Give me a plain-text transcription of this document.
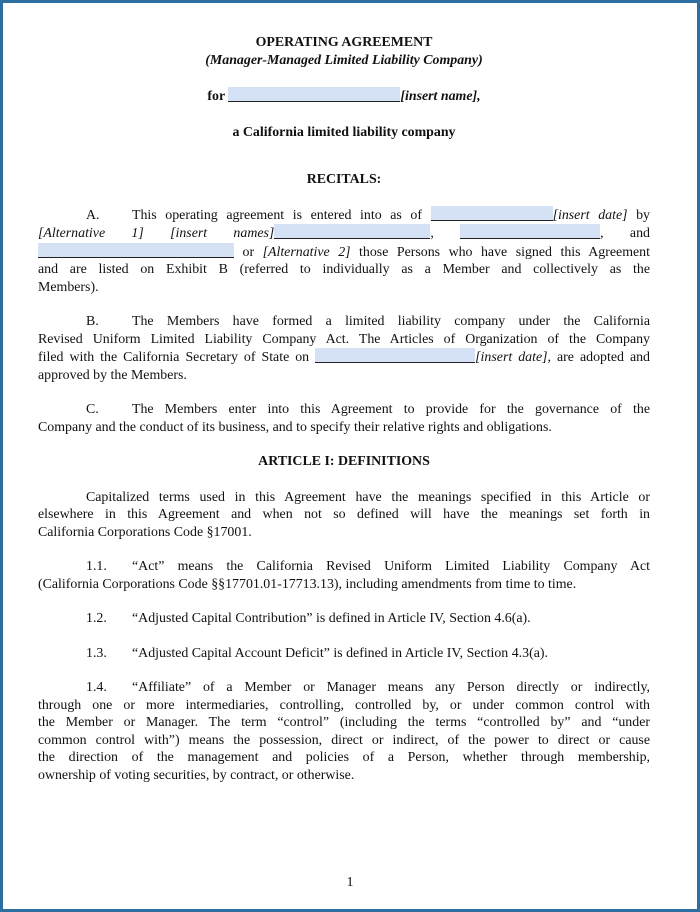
OPERATING AGREEMENT

(Manager-Managed Limited Liability Company)

for	[insert name],

a California limited liability company

RECITALS:

A. This operating agreement is entered into as of	[insert date] by

[Alternative 1] [insert names]	,	, and

or [Alternative 2] those Persons who have signed this Agreement

and are listed on Exhibit B (referred to individually as a Member and collectively as the

Members).

B. The Members have formed a limited liability company under the California

Revised Uniform Limited Liability Company Act. The Articles of Organization of the Company

filed with the California Secretary of State on	[insert date], are adopted and

approved by the Members.

C. The Members enter into this Agreement to provide for the governance of the

Company and the conduct of its business, and to specify their relative rights and obligations.

ARTICLE I: DEFINITIONS

Capitalized terms used in this Agreement have the meanings specified in this Article or

elsewhere in this Agreement and when not so defined will have the meanings set forth in

California Corporations Code §17001.

1.1. “Act” means the California Revised Uniform Limited Liability Company Act

(California Corporations Code §§17701.01-17713.13), including amendments from time to time.

1.2. “Adjusted Capital Contribution” is defined in Article IV, Section 4.6(a).

1.3. “Adjusted Capital Account Deficit” is defined in Article IV, Section 4.3(a).

1.4. “Affiliate” of a Member or Manager means any Person directly or indirectly,

through one or more intermediaries, controlling, controlled by, or under common control with

the Member or Manager. The term “control” (including the terms “controlled by” and “under

common control with”) means the possession, direct or indirect, of the power to direct or cause

the direction of the management and policies of a Person, whether through membership,

ownership of voting securities, by contract, or otherwise.

1
